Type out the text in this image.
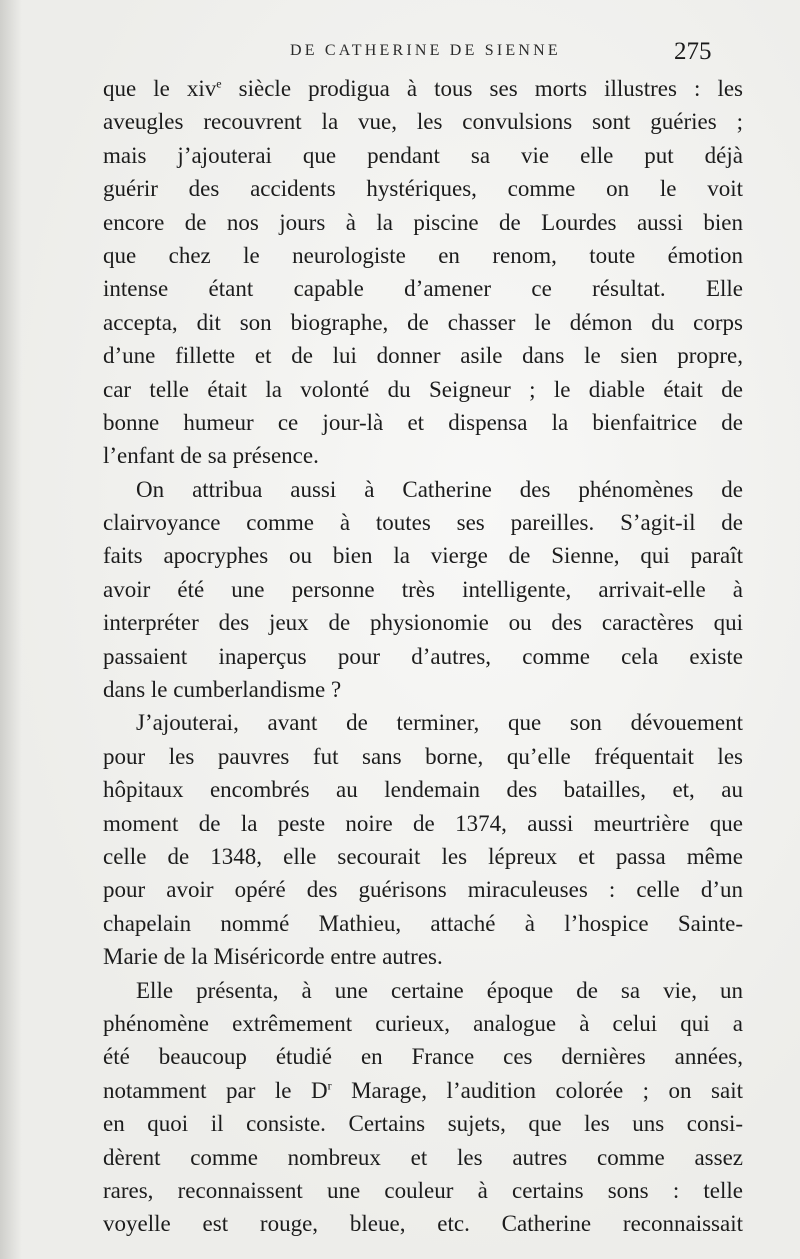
DE CATHERINE DE SIENNE	275
que le xiv$^e$ siècle prodigua à tous ses morts illustres : les
aveugles recouvrent la vue, les convulsions sont guéries ;
mais j’ajouterai que pendant sa vie elle put déjà
guérir des accidents hystériques, comme on le voit
encore de nos jours à la piscine de Lourdes aussi bien
que chez le neurologiste en renom, toute émotion
intense étant capable d’amener ce résultat. Elle
accepta, dit son biographe, de chasser le démon du corps
d’une fillette et de lui donner asile dans le sien propre,
car telle était la volonté du Seigneur ; le diable était de
bonne humeur ce jour-là et dispensa la bienfaitrice de
l’enfant de sa présence.
On attribua aussi à Catherine des phénomènes de
clairvoyance comme à toutes ses pareilles. S’agit-il de
faits apocryphes ou bien la vierge de Sienne, qui paraît
avoir été une personne très intelligente, arrivait-elle à
interpréter des jeux de physionomie ou des caractères qui
passaient inaperçus pour d’autres, comme cela existe
dans le cumberlandisme ?
J’ajouterai, avant de terminer, que son dévouement
pour les pauvres fut sans borne, qu’elle fréquentait les
hôpitaux encombrés au lendemain des batailles, et, au
moment de la peste noire de 1374, aussi meurtrière que
celle de 1348, elle secourait les lépreux et passa même
pour avoir opéré des guérisons miraculeuses : celle d’un
chapelain nommé Mathieu, attaché à l’hospice Sainte-
Marie de la Miséricorde entre autres.
Elle présenta, à une certaine époque de sa vie, un
phénomène extrêmement curieux, analogue à celui qui a
été beaucoup étudié en France ces dernières années,
notamment par le $D^r$ Marage, l’audition colorée ; on sait
en quoi il consiste. Certains sujets, que les uns consi-
dèrent comme nombreux et les autres comme assez
rares, reconnaissent une couleur à certains sons : telle
voyelle est rouge, bleue, etc. Catherine reconnaissait
